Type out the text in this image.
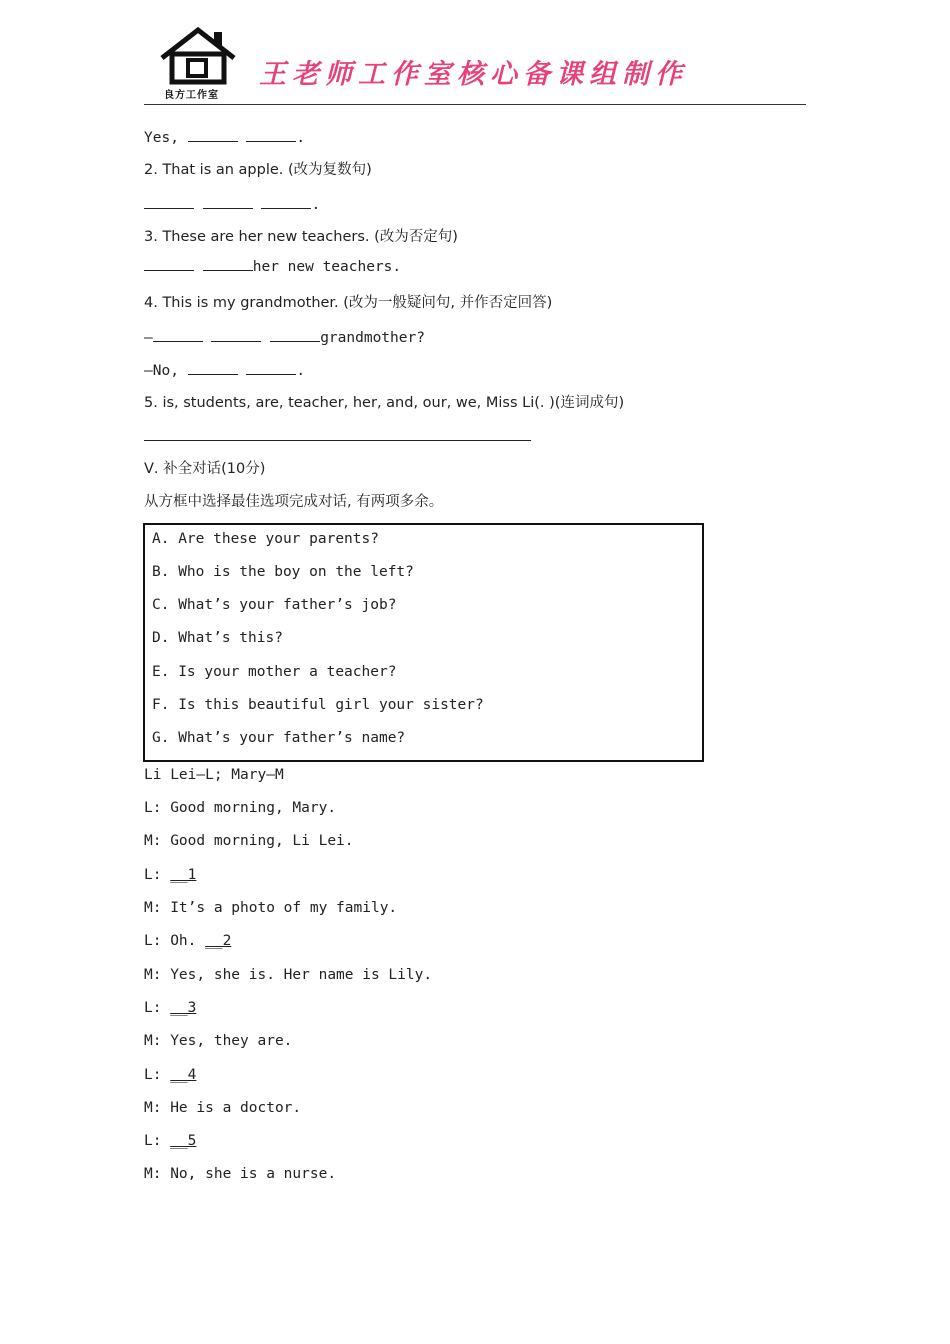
良方工作室
王老师工作室核心备课组制作
Yes,	.
2. That is an apple. (改为复数句)
.
3. These are her new teachers. (改为否定句)
her new teachers.
4. This is my grandmother. (改为一般疑问句, 并作否定回答)
—	grandmother?
—No,	.
5. is, students, are, teacher, her, and, our, we, Miss Li(. )(连词成句)
Ⅴ. 补全对话(10分)
从方框中选择最佳选项完成对话, 有两项多余。
A. Are these your parents?
B. Who is the boy on the left?
C. What’s your father’s job?
D. What’s this?
E. Is your mother a teacher?
F. Is this beautiful girl your sister?
G. What’s your father’s name?
Li Lei—L; Mary—M
L: Good morning, Mary.
M: Good morning, Li Lei.
L: __1
M: It’s a photo of my family.
L: Oh. __2
M: Yes, she is. Her name is Lily.
L: __3
M: Yes, they are.
L: __4
M: He is a doctor.
L: __5
M: No, she is a nurse.
